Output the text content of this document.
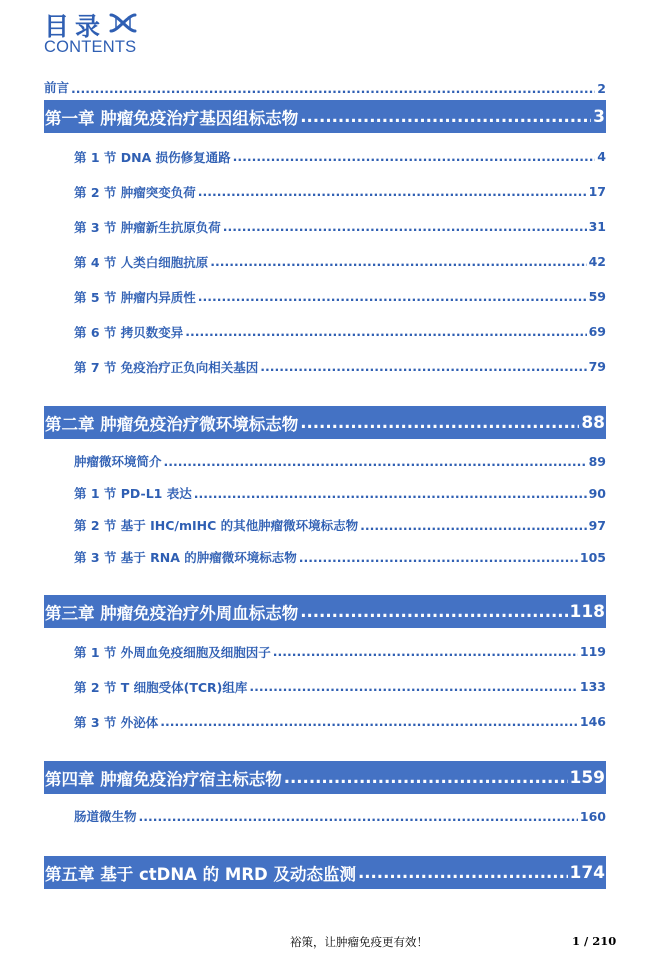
目录
CONTENTS
前言 .....	2
第一章 肿瘤免疫治疗基因组标志物 .....	3
第 1 节 DNA 损伤修复通路 .....	4
第 2 节 肿瘤突变负荷 .....	17
第 3 节 肿瘤新生抗原负荷 .....	31
第 4 节 人类白细胞抗原 .....	42
第 5 节 肿瘤内异质性 .....	59
第 6 节 拷贝数变异 .....	69
第 7 节 免疫治疗正负向相关基因 .....	79
第二章 肿瘤免疫治疗微环境标志物 .....	88
肿瘤微环境简介 .....	89
第 1 节 PD-L1 表达 .....	90
第 2 节 基于 IHC/mIHC 的其他肿瘤微环境标志物 .....	97
第 3 节 基于 RNA 的肿瘤微环境标志物 .....	105
第三章 肿瘤免疫治疗外周血标志物 .....	118
第 1 节 外周血免疫细胞及细胞因子 .....	119
第 2 节 T 细胞受体(TCR)组库 .....	133
第 3 节 外泌体 .....	146
第四章 肿瘤免疫治疗宿主标志物 .....	159
肠道微生物 .....	160
第五章 基于 ctDNA 的 MRD 及动态监测 .....	174
裕策，让肿瘤免疫更有效！	1 / 210
